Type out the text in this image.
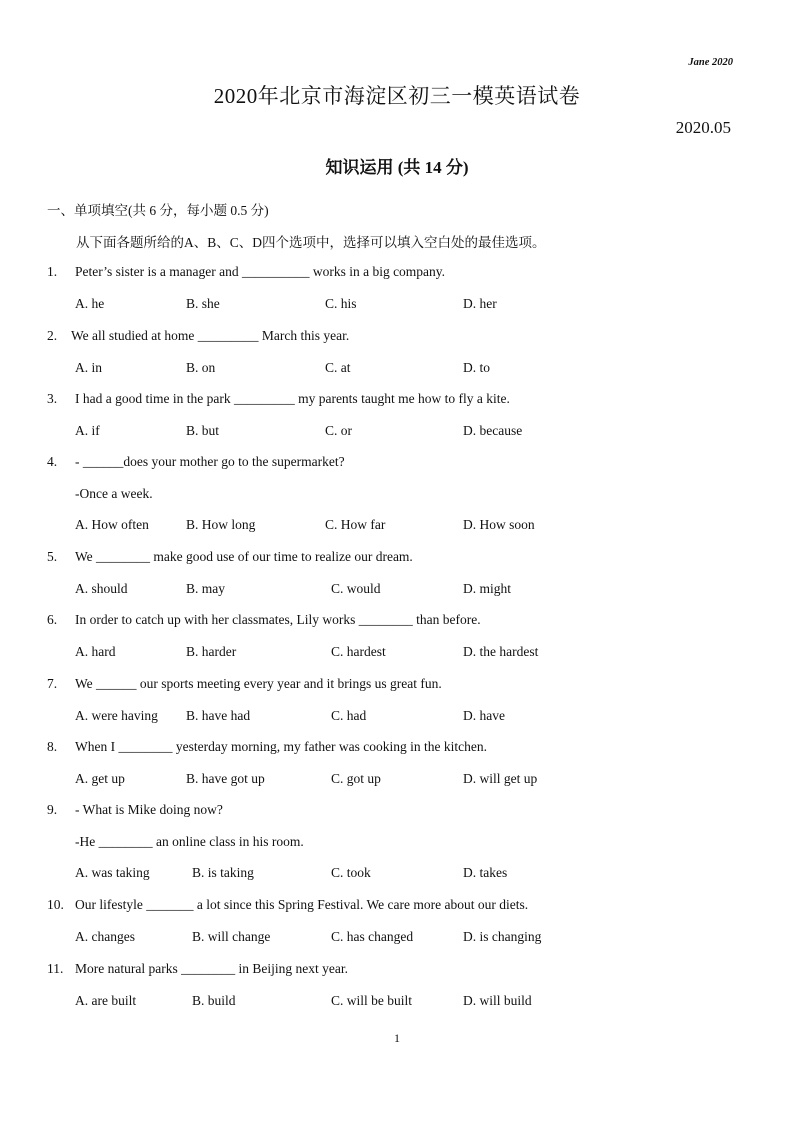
Jane 2020
2020年北京市海淀区初三一模英语试卷
2020.05
知识运用 (共 14 分)
一、单项填空(共 6 分，每小题 0.5 分)
从下面各题所给的A、B、C、D四个选项中，选择可以填入空白处的最佳选项。
1. Peter’s sister is a manager and __________ works in a big company.
A. he	B. she	C. his	D. her
2. We all studied at home _________ March this year.
A. in	B. on	C. at	D. to
3. I had a good time in the park _________ my parents taught me how to fly a kite.
A. if	B. but	C. or	D. because
4. - ______does your mother go to the supermarket?
-Once a week.
A. How often	B. How long	C. How far	D. How soon
5. We ________ make good use of our time to realize our dream.
A. should	B. may	C. would	D. might
6. In order to catch up with her classmates, Lily works ________ than before.
A. hard	B. harder	C. hardest	D. the hardest
7. We ______ our sports meeting every year and it brings us great fun.
A. were having B. have had	C. had	D. have
8. When I ________ yesterday morning, my father was cooking in the kitchen.
A. get up	B. have got up	C. got up	D. will get up
9. - What is Mike doing now?
-He ________ an online class in his room.
A. was taking	B. is taking	C. took	D. takes
10. Our lifestyle _______ a lot since this Spring Festival. We care more about our diets.
A. changes	B. will change	C. has changed	D. is changing
11. More natural parks ________ in Beijing next year.
A. are built	B. build	C. will be built	D. will build
1
